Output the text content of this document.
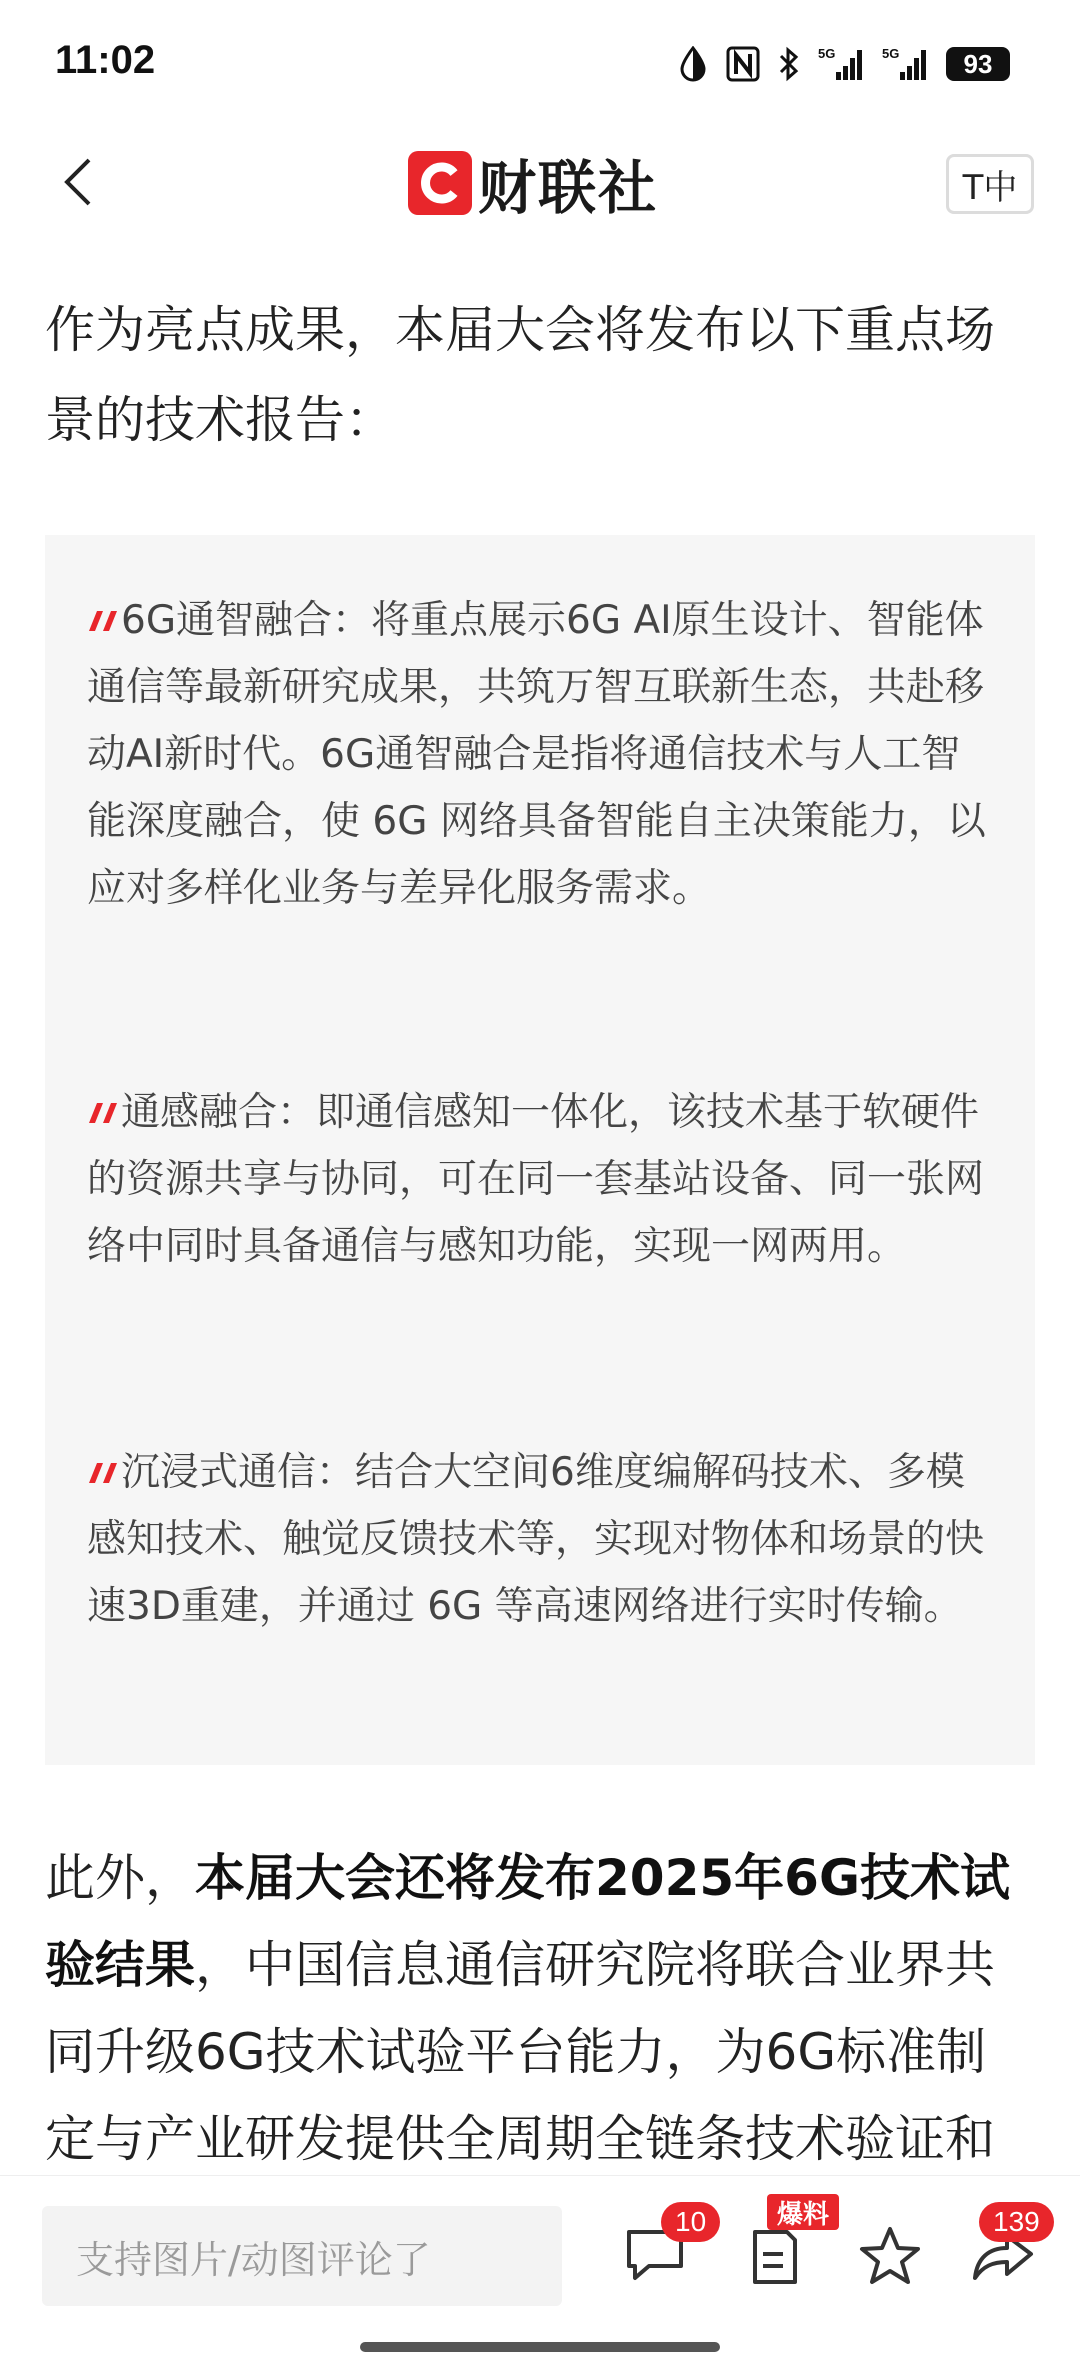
11:02	5G	5G	93
财联社	T中

作为亮点成果，本届大会将发布以下重点场景的技术报告：

6G通智融合：将重点展示6G AI原生设计、智能体通信等最新研究成果，共筑万智互联新生态，共赴移动AI新时代。6G通智融合是指将通信技术与人工智能深度融合，使 6G 网络具备智能自主决策能力，以应对多样化业务与差异化服务需求。

通感融合：即通信感知一体化，该技术基于软硬件的资源共享与协同，可在同一套基站设备、同一张网络中同时具备通信与感知功能，实现一网两用。

沉浸式通信：结合大空间6维度编解码技术、多模感知技术、触觉反馈技术等，实现对物体和场景的快速3D重建，并通过 6G 等高速网络进行实时传输。

此外，本届大会还将发布2025年6G技术试验结果，中国信息通信研究院将联合业界共同升级6G技术试验平台能力，为6G标准制定与产业研发提供全周期全链条技术验证和

支持图片/动图评论了
10	爆料	139
